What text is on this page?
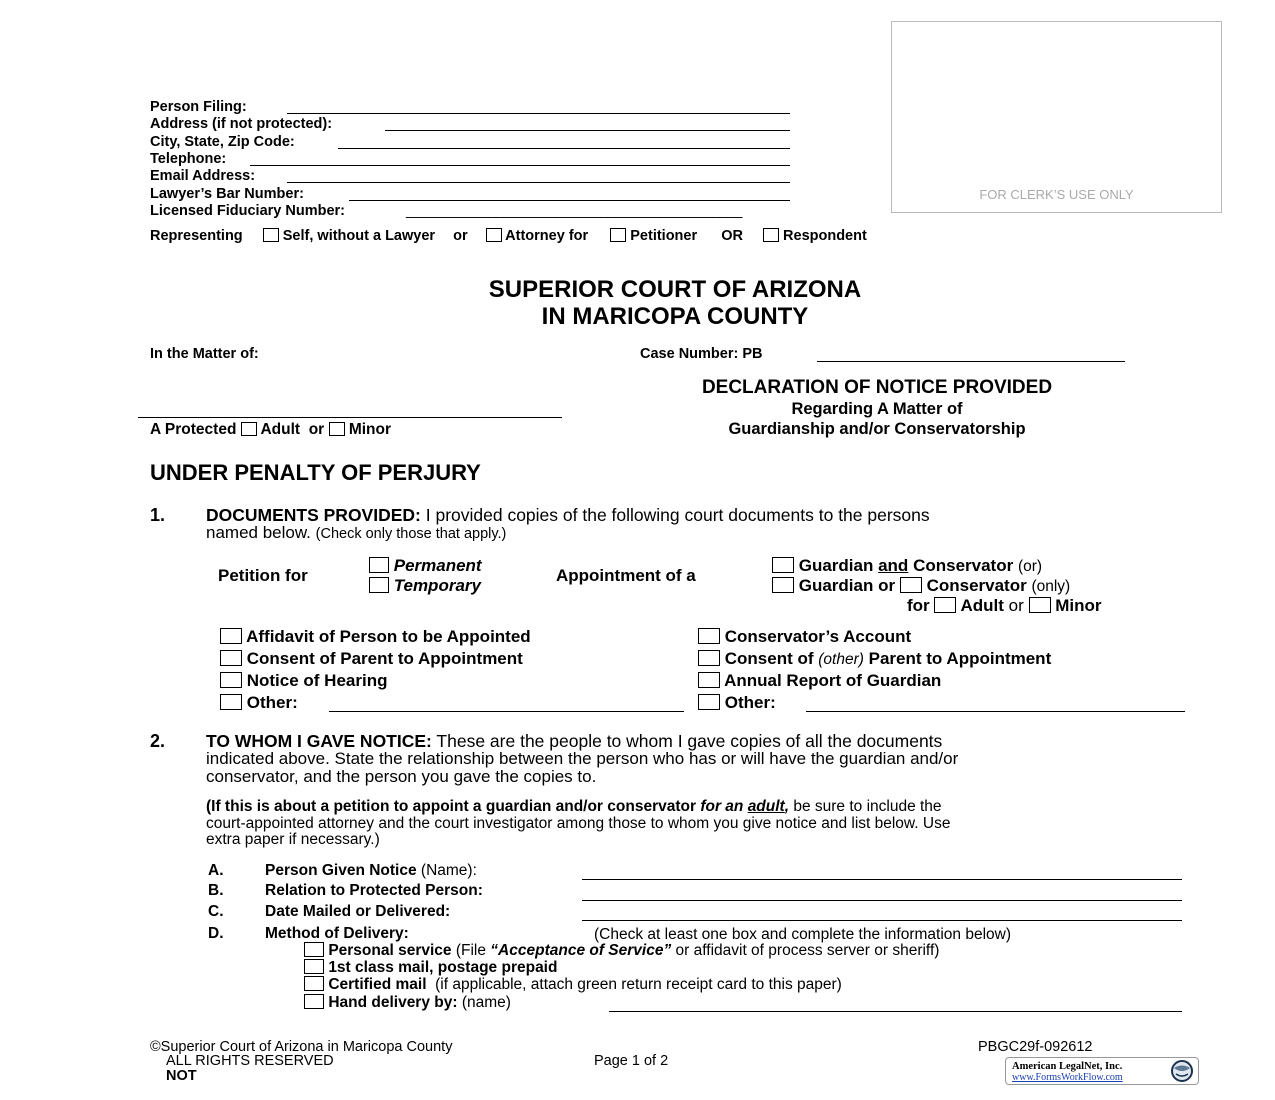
Person Filing:
Address (if not protected):
City, State, Zip Code:
Telephone:
Email Address:
Lawyer’s Bar Number:
Licensed Fiduciary Number:	_____________________________________________
FOR CLERK’S USE ONLY
Representing	Self, without a Lawyer or	Attorney for	Petitioner OR	Respondent
SUPERIOR COURT OF ARIZONA
IN MARICOPA COUNTY
In the Matter of:	Case Number: PB
A Protected Adult or Minor
DECLARATION OF NOTICE PROVIDED
Regarding A Matter of
Guardianship and/or Conservatorship
UNDER PENALTY OF PERJURY
1. DOCUMENTS PROVIDED: I provided copies of the following court documents to the persons
named below. (Check only those that apply.)
Petition for
Permanent
Temporary
Appointment of a
Guardian and Conservator (or)
Guardian or Conservator (only)
for Adult or Minor
Affidavit of Person to be Appointed
Consent of Parent to Appointment
Notice of Hearing
Other:
Conservator’s Account
Consent of (other) Parent to Appointment
Annual Report of Guardian
Other:
2. TO WHOM I GAVE NOTICE: These are the people to whom I gave copies of all the documents
indicated above. State the relationship between the person who has or will have the guardian and/or
conservator, and the person you gave the copies to.
(If this is about a petition to appoint a guardian and/or conservator for an adult, be sure to include the
court-appointed attorney and the court investigator among those to whom you give notice and list below. Use
extra paper if necessary.)
A.	Person Given Notice (Name):
B.	Relation to Protected Person:
C.	Date Mailed or Delivered:
D.	Method of Delivery:	(Check at least one box and complete the information below)
Personal service (File “Acceptance of Service” or affidavit of process server or sheriff)
1st class mail, postage prepaid
Certified mail (if applicable, attach green return receipt card to this paper)
Hand delivery by: (name)
©Superior Court of Arizona in Maricopa County
ALL RIGHTS RESERVED
NOT
Page 1 of 2
PBGC29f-092612
American LegalNet, Inc.
www.FormsWorkFlow.com
